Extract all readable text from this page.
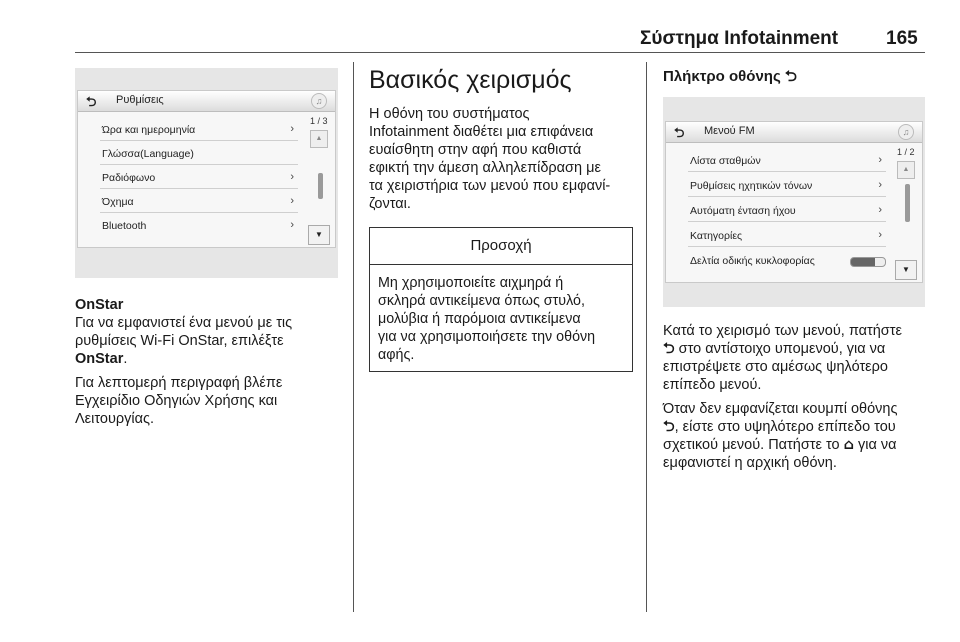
Σύστημα Infotainment	165
⮌ Ρυθμίσεις	♫
1 / 3
▲
▼
Ώρα και ημερομηνία	›
Γλώσσα(Language)
Ραδιόφωνο	›
Όχημα	›
Bluetooth	›
OnStar
Για να εμφανιστεί ένα μενού με τις
ρυθμίσεις Wi-Fi OnStar, επιλέξτε
OnStar.
Για λεπτομερή περιγραφή βλέπε
Εγχειρίδιο Οδηγιών Χρήσης και
Λειτουργίας.
Βασικός χειρισμός
Η οθόνη του συστήματος
Infotainment διαθέτει μια επιφάνεια
ευαίσθητη στην αφή που καθιστά
εφικτή την άμεση αλληλεπίδραση με
τα χειριστήρια των μενού που εμφανί-
ζονται.
Προσοχή
Μη χρησιμοποιείτε αιχμηρά ή
σκληρά αντικείμενα όπως στυλό,
μολύβια ή παρόμοια αντικείμενα
για να χρησιμοποιήσετε την οθόνη
αφής.
Πλήκτρο οθόνης ⮌
⮌ Μενού FM	♫
1 / 2
▲
▼
Λίστα σταθμών	›
Ρυθμίσεις ηχητικών τόνων	›
Αυτόματη ένταση ήχου	›
Κατηγορίες	›
Δελτία οδικής κυκλοφορίας
Κατά το χειρισμό των μενού, πατήστε
⮌ στο αντίστοιχο υπομενού, για να
επιστρέψετε στο αμέσως ψηλότερο
επίπεδο μενού.
Όταν δεν εμφανίζεται κουμπί οθόνης
⮌, είστε στο υψηλότερο επίπεδο του
σχετικού μενού. Πατήστε το ⌂ για να
εμφανιστεί η αρχική οθόνη.
